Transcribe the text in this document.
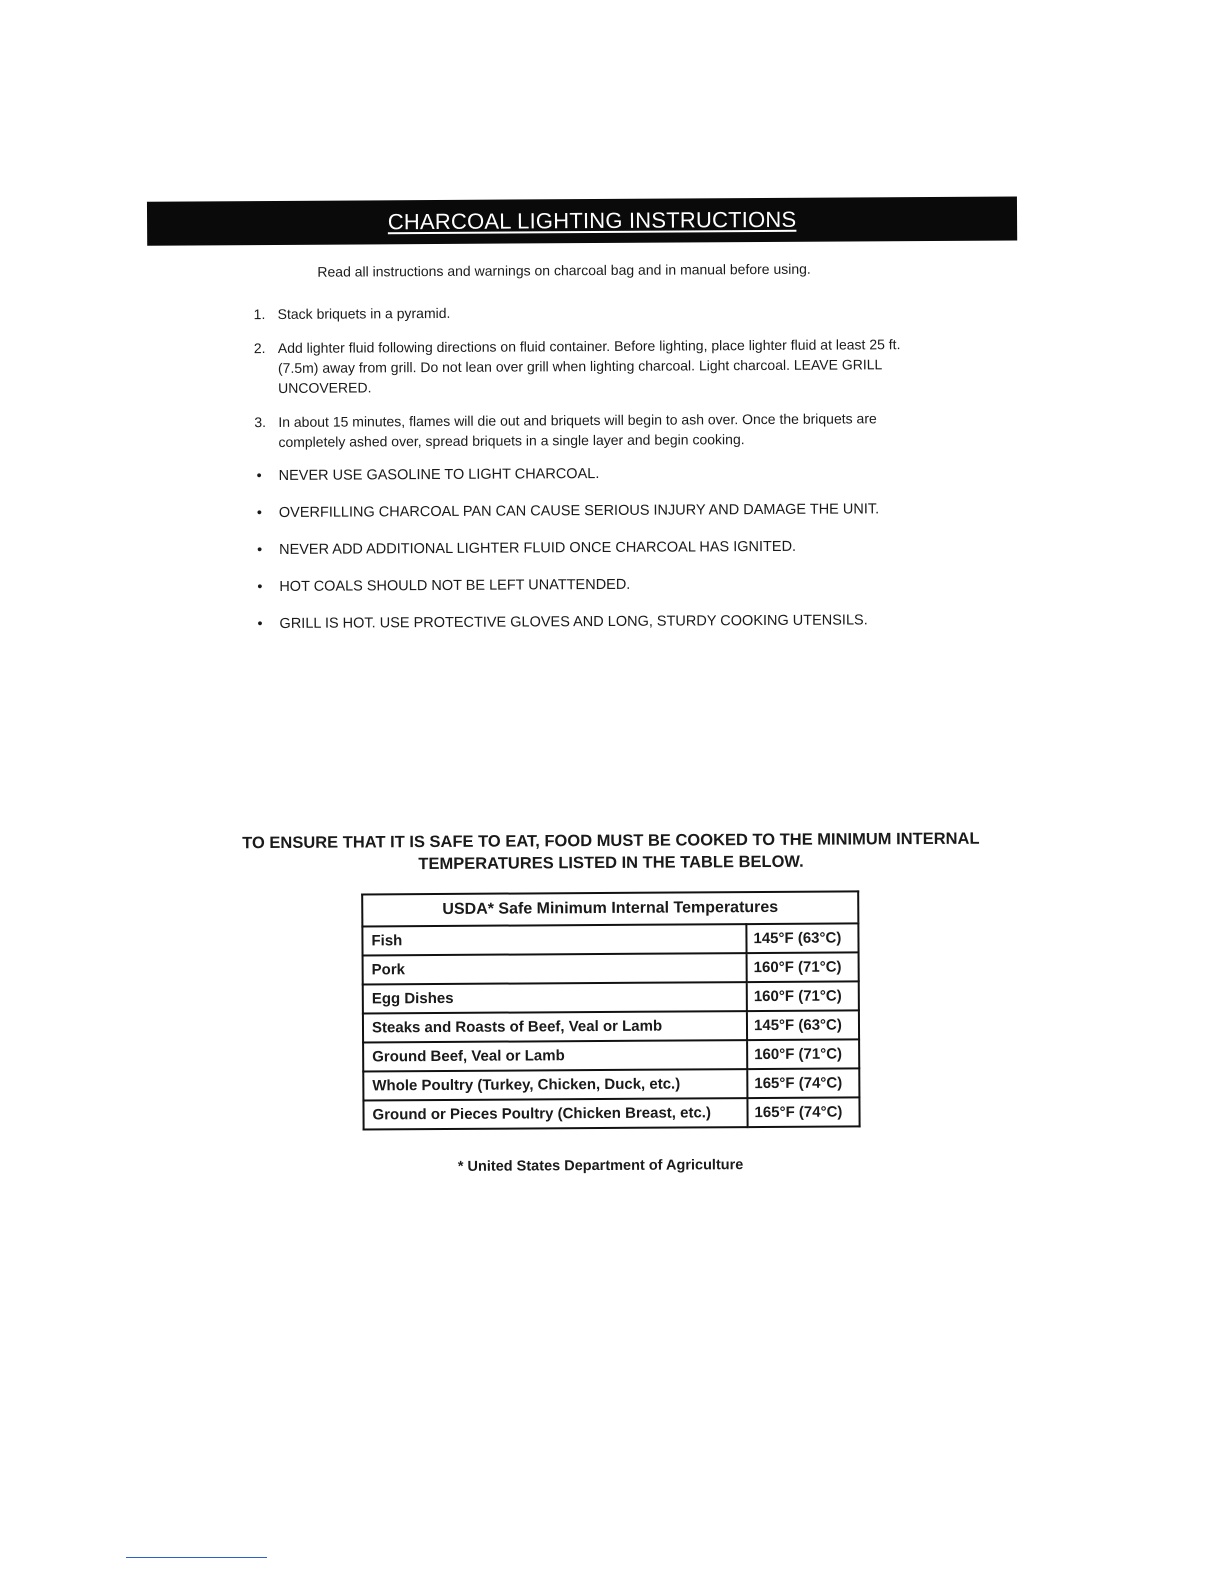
CHARCOAL LIGHTING INSTRUCTIONS

Read all instructions and warnings on charcoal bag and in manual before using.

1. Stack briquets in a pyramid.
2. Add lighter fluid following directions on fluid container. Before lighting, place lighter fluid at least 25 ft. (7.5m) away from grill. Do not lean over grill when lighting charcoal. Light charcoal. LEAVE GRILL UNCOVERED.
3. In about 15 minutes, flames will die out and briquets will begin to ash over. Once the briquets are completely ashed over, spread briquets in a single layer and begin cooking.
•	NEVER USE GASOLINE TO LIGHT CHARCOAL.
•	OVERFILLING CHARCOAL PAN CAN CAUSE SERIOUS INJURY AND DAMAGE THE UNIT.
•	NEVER ADD ADDITIONAL LIGHTER FLUID ONCE CHARCOAL HAS IGNITED.
•	HOT COALS SHOULD NOT BE LEFT UNATTENDED.
•	GRILL IS HOT. USE PROTECTIVE GLOVES AND LONG, STURDY COOKING UTENSILS.
TO ENSURE THAT IT IS SAFE TO EAT, FOOD MUST BE COOKED TO THE MINIMUM INTERNAL
TEMPERATURES LISTED IN THE TABLE BELOW.
USDA* Safe Minimum Internal Temperatures
Fish	145°F (63°C)
Pork	160°F (71°C)
Egg Dishes	160°F (71°C)
Steaks and Roasts of Beef, Veal or Lamb	145°F (63°C)
Ground Beef, Veal or Lamb	160°F (71°C)
Whole Poultry (Turkey, Chicken, Duck, etc.)	165°F (74°C)
Ground or Pieces Poultry (Chicken Breast, etc.)	165°F (74°C)

* United States Department of Agriculture
